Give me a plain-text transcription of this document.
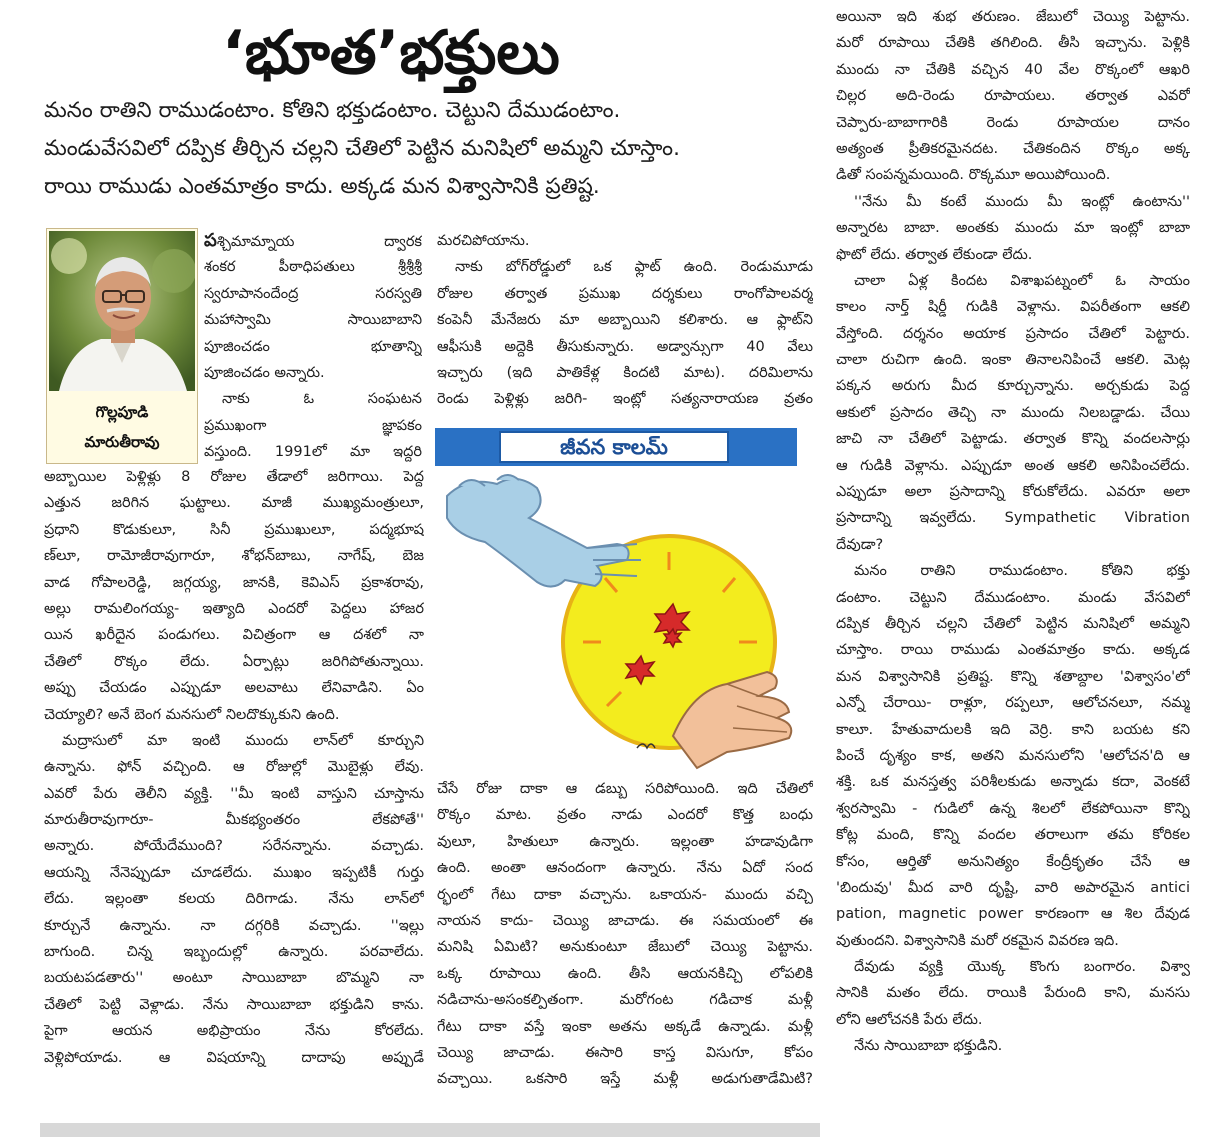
‘భూత’భక్తులు

మనం రాతిని రాముడంటాం. కోతిని భక్తుడంటాం. చెట్టుని దేముడంటాం.

మండువేసవిలో దప్పిక తీర్చిన చల్లని చేతిలో పెట్టిన మనిషిలో అమ్మని చూస్తాం.

రాయి రాముడు ఎంతమాత్రం కాదు. అక్కడ మన విశ్వాసానికి ప్రతిష్ట.

గొల్లపూడి
మారుతీరావు

పశ్చిమామ్నాయ ద్వారక

శంకర పీఠాధిపతులు శ్రీశ్రీశ్రీ

స్వరూపానందేంద్ర సరస్వతి

మహాస్వామి సాయిబాబాని

పూజించడం భూతాన్ని

పూజించడం అన్నారు.

నాకు ఓ సంఘటన

ప్రముఖంగా జ్ఞాపకం

వస్తుంది. 1991లో మా ఇద్దరి

అబ్బాయిల పెళ్లిళ్లు 8 రోజుల తేడాలో జరిగాయి. పెద్ద

ఎత్తున జరిగిన ఘట్టాలు. మాజీ ముఖ్యమంత్రులూ,

ప్రధాని కొడుకులూ, సినీ ప్రముఖులూ, పద్మభూష

ణ్‌లూ, రామోజీరావుగారూ, శోభన్‌బాబు, నాగేష్‌, బెజ

వాడ గోపాలరెడ్డి, జగ్గయ్య, జానకి, కెవిఎస్‌ ప్రకాశరావు,

అల్లు రామలింగయ్య- ఇత్యాది ఎందరో పెద్దలు హాజర

యిన ఖరీదైన పండుగలు. విచిత్రంగా ఆ దశలో నా

చేతిలో రొక్కం లేదు. ఏర్పాట్లు జరిగిపోతున్నాయి.

అప్పు చేయడం ఎప్పుడూ అలవాటు లేనివాడిని. ఏం

చెయ్యాలి? అనే బెంగ మనసులో నిలదొక్కుకుని ఉంది.

మద్రాసులో మా ఇంటి ముందు లాన్‌లో కూర్చుని

ఉన్నాను. ఫోన్‌ వచ్చింది. ఆ రోజుల్లో మొబైళ్లు లేవు.

ఎవరో పేరు తెలీని వ్యక్తి. ''మీ ఇంటి వాస్తుని చూస్తాను

మారుతీరావుగారూ- మీకభ్యంతరం లేకపోతే''

అన్నారు. పోయేదేముంది? సరేనన్నాను. వచ్చాడు.

ఆయన్ని నేనెప్పుడూ చూడలేదు. ముఖం ఇప్పటికీ గుర్తు

లేదు. ఇల్లంతా కలయ దిరిగాడు. నేను లాన్‌లో

కూర్చునే ఉన్నాను. నా దగ్గరికి వచ్చాడు. ''ఇల్లు

బాగుంది. చిన్న ఇబ్బందుల్లో ఉన్నారు. పరవాలేదు.

బయటపడతారు'' అంటూ సాయిబాబా బొమ్మని నా

చేతిలో పెట్టి వెళ్లాడు. నేను సాయిబాబా భక్తుడిని కాను.

పైగా ఆయన అభిప్రాయం నేను కోరలేదు.

వెళ్లిపోయాడు. ఆ విషయాన్ని దాదాపు అప్పుడే

మరచిపోయాను.

నాకు బోగ్‌రోడ్డులో ఒక ఫ్లాట్‌ ఉంది. రెండుమూడు

రోజుల తర్వాత ప్రముఖ దర్శకులు రాంగోపాలవర్మ

కంపెనీ మేనేజరు మా అబ్బాయిని కలిశారు. ఆ ఫ్లాట్‌ని

ఆఫీసుకి అద్దెకి తీసుకున్నారు. అడ్వాన్సుగా 40 వేలు

ఇచ్చారు (ఇది పాతికేళ్ల కిందటి మాట). దరిమిలాను

రెండు పెళ్లిళ్లు జరిగి- ఇంట్లో సత్యనారాయణ వ్రతం

జీవన కాలమ్

చేసే రోజు దాకా ఆ డబ్బు సరిపోయింది. ఇది చేతిలో

రొక్కం మాట. వ్రతం నాడు ఎందరో కొత్త బంధు

వులూ, హితులూ ఉన్నారు. ఇల్లంతా హడావుడిగా

ఉంది. అంతా ఆనందంగా ఉన్నారు. నేను ఏదో సంద

ర్భంలో గేటు దాకా వచ్చాను. ఒకాయన- ముందు వచ్చి

నాయన కాదు- చెయ్యి జాచాడు. ఈ సమయంలో ఈ

మనిషి ఏమిటి? అనుకుంటూ జేబులో చెయ్యి పెట్టాను.

ఒక్క రూపాయి ఉంది. తీసి ఆయనకిచ్చి లోపలికి

నడిచాను-అసంకల్పితంగా. మరోగంట గడిచాక మళ్లీ

గేటు దాకా వస్తే ఇంకా అతను అక్కడే ఉన్నాడు. మళ్లీ

చెయ్యి జాచాడు. ఈసారి కాస్త విసుగూ, కోపం

వచ్చాయి. ఒకసారి ఇస్తే మళ్లీ అడుగుతాడేమిటి?

అయినా ఇది శుభ తరుణం. జేబులో చెయ్యి పెట్టాను.

మరో రూపాయి చేతికి తగిలింది. తీసి ఇచ్చాను. పెళ్లికి

ముందు నా చేతికి వచ్చిన 40 వేల రొక్కంలో ఆఖరి

చిల్లర అది-రెండు రూపాయలు. తర్వాత ఎవరో

చెప్పారు-బాబాగారికి రెండు రూపాయల దానం

అత్యంత ప్రీతికరమైనదట. చేతికందిన రొక్కం అక్క

డితో సంపన్నమయింది. రొక్కమూ అయిపోయింది.

''నేను మీ కంటే ముందు మీ ఇంట్లో ఉంటాను''

అన్నారట బాబా. అంతకు ముందు మా ఇంట్లో బాబా

ఫొటో లేదు. తర్వాత లేకుండా లేదు.

చాలా ఏళ్ల కిందట విశాఖపట్నంలో ఓ సాయం

కాలం నార్త్‌ షిర్డీ గుడికి వెళ్లాను. విపరీతంగా ఆకలి

వేస్తోంది. దర్శనం అయాక ప్రసాదం చేతిలో పెట్టారు.

చాలా రుచిగా ఉంది. ఇంకా తినాలనిపించే ఆకలి. మెట్ల

పక్కన అరుగు మీద కూర్చున్నాను. అర్చకుడు పెద్ద

ఆకులో ప్రసాదం తెచ్చి నా ముందు నిలబడ్డాడు. చేయి

జాచి నా చేతిలో పెట్టాడు. తర్వాత కొన్ని వందలసార్లు

ఆ గుడికి వెళ్లాను. ఎప్పుడూ అంత ఆకలి అనిపించలేదు.

ఎప్పుడూ అలా ప్రసాదాన్ని కోరుకోలేదు. ఎవరూ అలా

ప్రసాదాన్ని ఇవ్వలేదు. Sympathetic Vibration

దేవుడా?

మనం రాతిని రాముడంటాం. కోతిని భక్తు

డంటాం. చెట్టుని దేముడంటాం. మండు వేసవిలో

దప్పిక తీర్చిన చల్లని చేతిలో పెట్టిన మనిషిలో అమ్మని

చూస్తాం. రాయి రాముడు ఎంతమాత్రం కాదు. అక్కడ

మన విశ్వాసానికి ప్రతిష్ట. కొన్ని శతాబ్దాల 'విశ్వాసం'లో

ఎన్నో చేరాయి- రాళ్లూ, రప్పలూ, ఆలోచనలూ, నమ్మ

కాలూ. హేతువాదులకి ఇది వెర్రి. కాని బయట కని

పించే దృశ్యం కాక, అతని మనసులోని 'ఆలోచన'ది ఆ

శక్తి. ఒక మనస్తత్వ పరిశీలకుడు అన్నాడు కదా, వెంకటే

శ్వరస్వామి - గుడిలో ఉన్న శిలలో లేకపోయినా కొన్ని

కోట్ల మంది, కొన్ని వందల తరాలుగా తమ కోరికల

కోసం, ఆర్తితో అనునిత్యం కేంద్రీకృతం చేసే ఆ

'బిందువు' మీద వారి దృష్టి, వారి అపారమైన antici

pation, magnetic power కారణంగా ఆ శిల దేవుడ

వుతుందని. విశ్వాసానికి మరో రకమైన వివరణ ఇది.

దేవుడు వ్యక్తి యొక్క కొంగు బంగారం. విశ్వా

సానికి మతం లేదు. రాయికి పేరుంది కాని, మనసు

లోని ఆలోచనకి పేరు లేదు.

నేను సాయిబాబా భక్తుడిని.
